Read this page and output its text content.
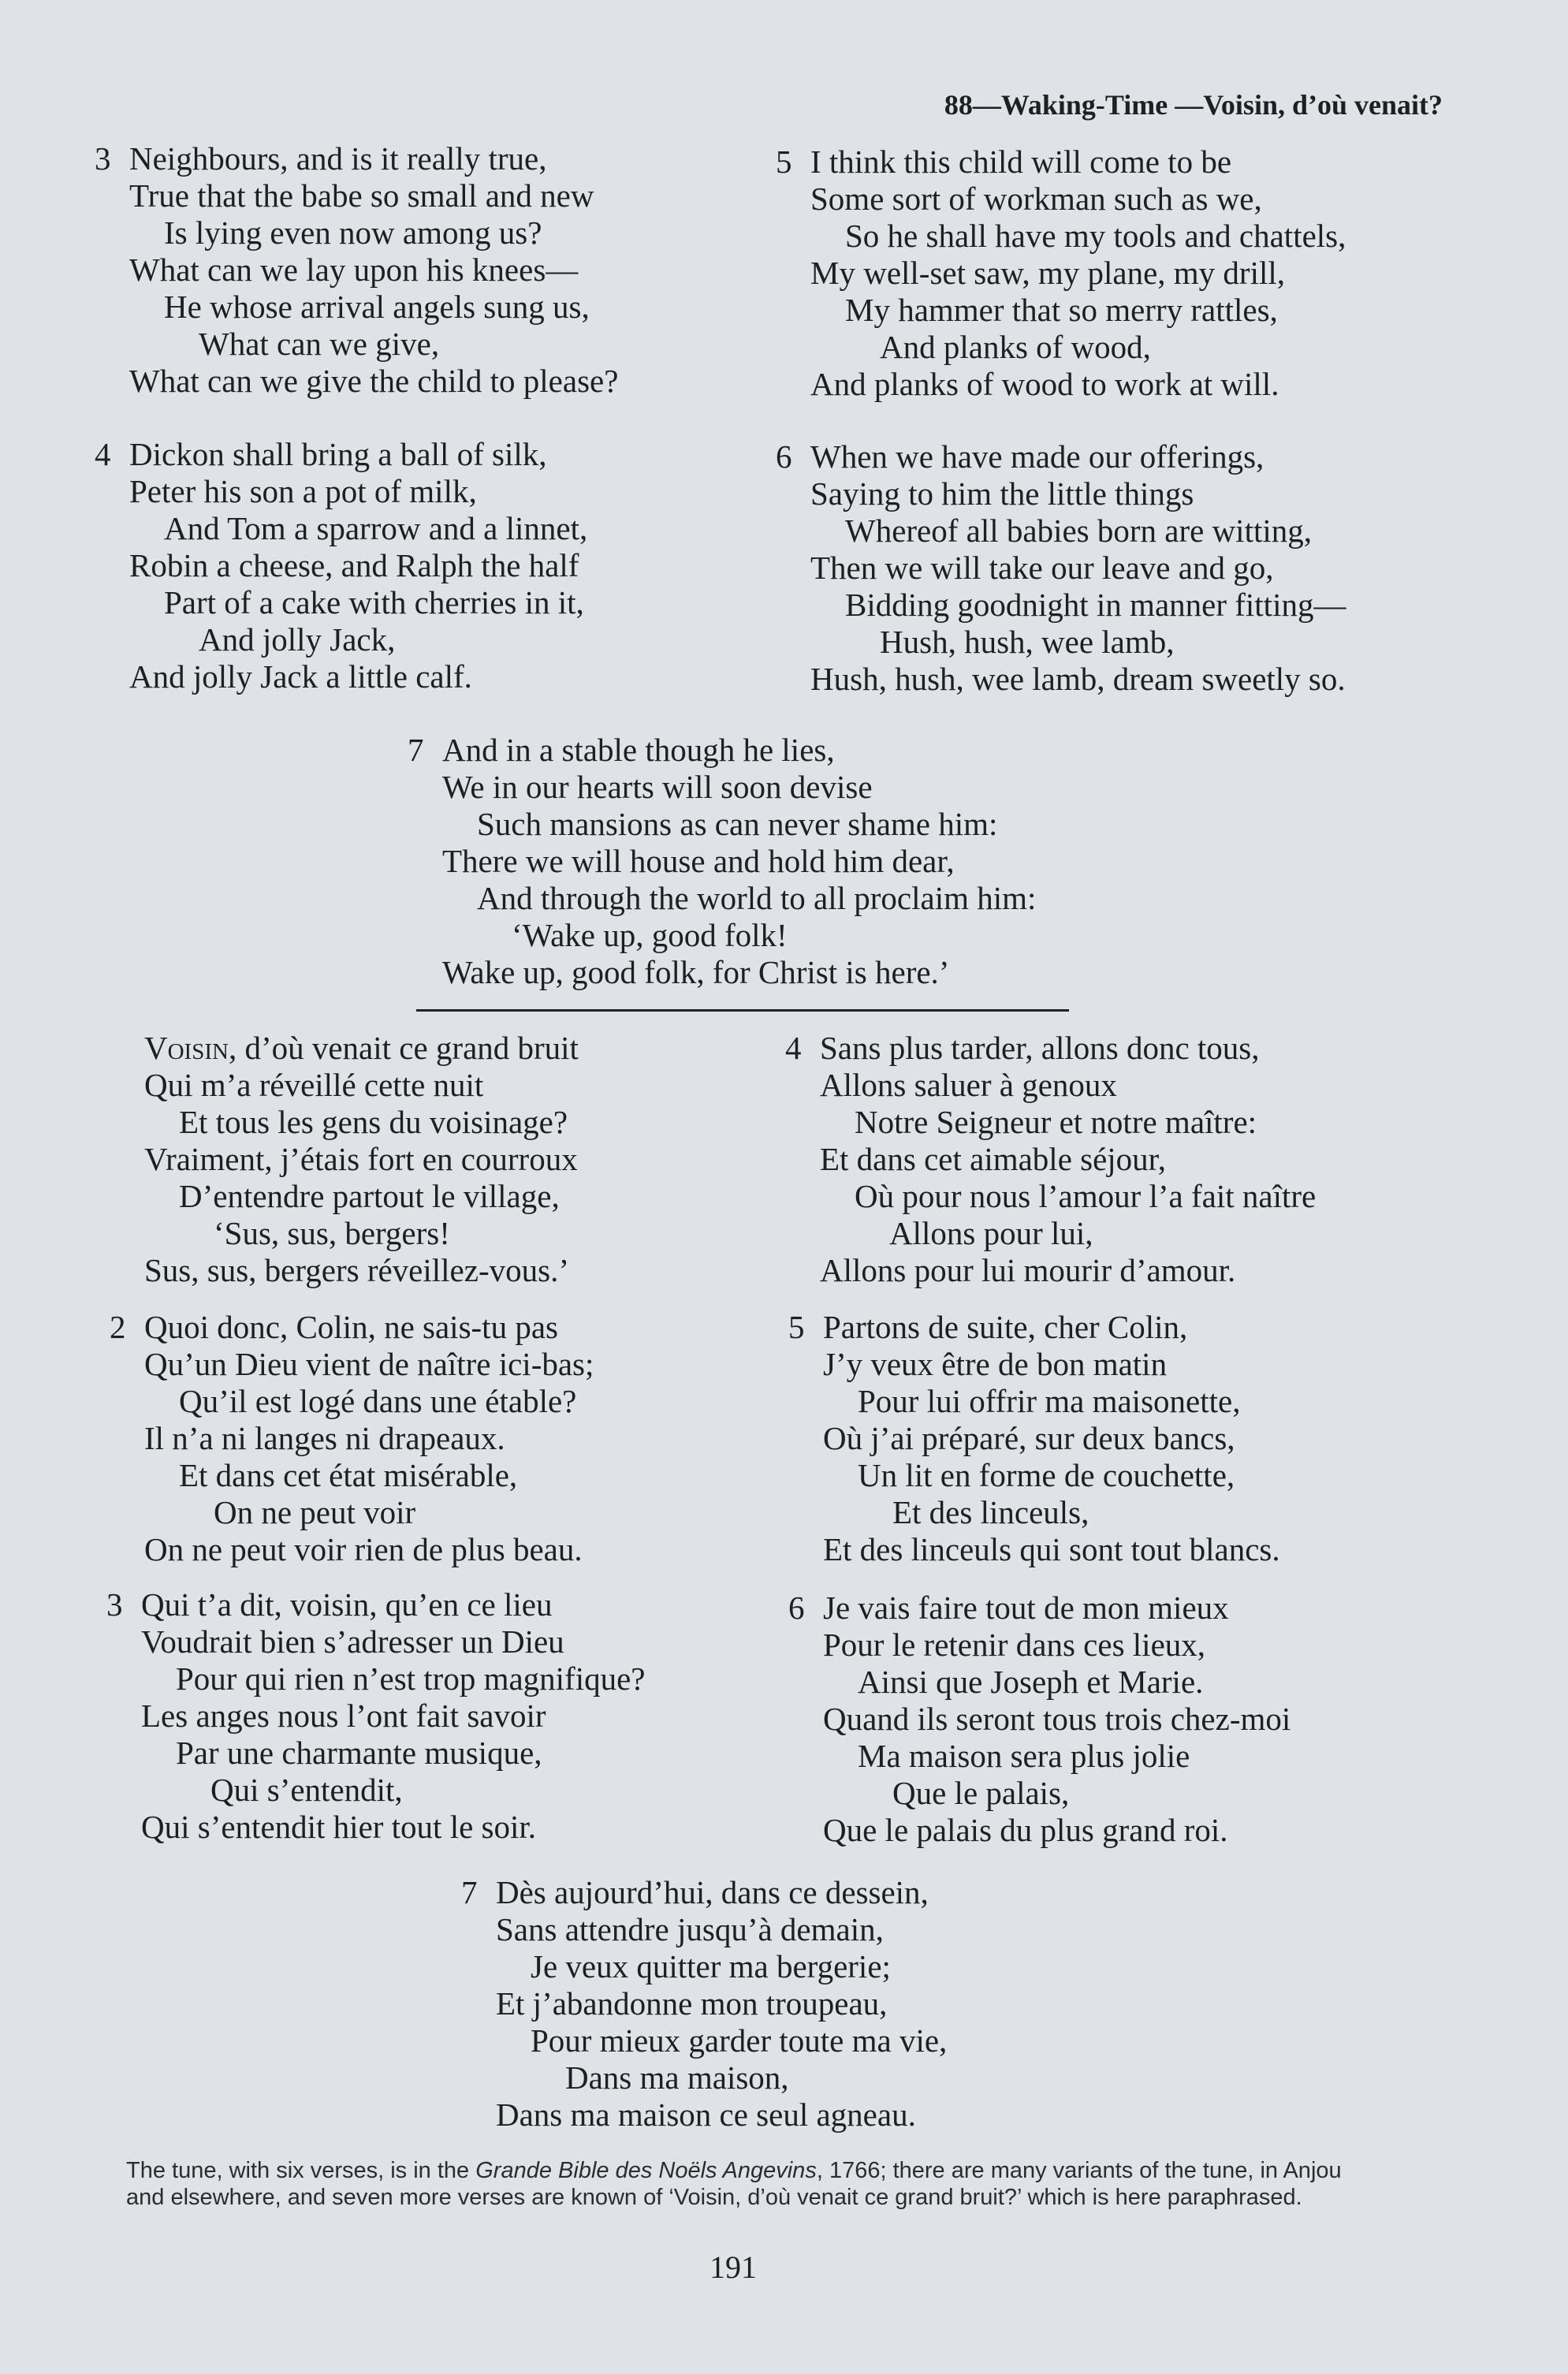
88—Waking-Time —Voisin, d’où venait?
3 Neighbours, and is it really true,
True that the babe so small and new
Is lying even now among us?
What can we lay upon his knees—
He whose arrival angels sung us,
What can we give,
What can we give the child to please?
4 Dickon shall bring a ball of silk,
Peter his son a pot of milk,
And Tom a sparrow and a linnet,
Robin a cheese, and Ralph the half
Part of a cake with cherries in it,
And jolly Jack,
And jolly Jack a little calf.
5 I think this child will come to be
Some sort of workman such as we,
So he shall have my tools and chattels,
My well-set saw, my plane, my drill,
My hammer that so merry rattles,
And planks of wood,
And planks of wood to work at will.
6 When we have made our offerings,
Saying to him the little things
Whereof all babies born are witting,
Then we will take our leave and go,
Bidding goodnight in manner fitting—
Hush, hush, wee lamb,
Hush, hush, wee lamb, dream sweetly so.
7 And in a stable though he lies,
We in our hearts will soon devise
Such mansions as can never shame him:
There we will house and hold him dear,
And through the world to all proclaim him:
‘Wake up, good folk!
Wake up, good folk, for Christ is here.’
Voisin, d’où venait ce grand bruit
Qui m’a réveillé cette nuit
Et tous les gens du voisinage?
Vraiment, j’étais fort en courroux
D’entendre partout le village,
‘Sus, sus, bergers!
Sus, sus, bergers réveillez-vous.’
2 Quoi donc, Colin, ne sais-tu pas
Qu’un Dieu vient de naître ici-bas;
Qu’il est logé dans une étable?
Il n’a ni langes ni drapeaux.
Et dans cet état misérable,
On ne peut voir
On ne peut voir rien de plus beau.
3 Qui t’a dit, voisin, qu’en ce lieu
Voudrait bien s’adresser un Dieu
Pour qui rien n’est trop magnifique?
Les anges nous l’ont fait savoir
Par une charmante musique,
Qui s’entendit,
Qui s’entendit hier tout le soir.
4 Sans plus tarder, allons donc tous,
Allons saluer à genoux
Notre Seigneur et notre maître:
Et dans cet aimable séjour,
Où pour nous l’amour l’a fait naître
Allons pour lui,
Allons pour lui mourir d’amour.
5 Partons de suite, cher Colin,
J’y veux être de bon matin
Pour lui offrir ma maisonette,
Où j’ai préparé, sur deux bancs,
Un lit en forme de couchette,
Et des linceuls,
Et des linceuls qui sont tout blancs.
6 Je vais faire tout de mon mieux
Pour le retenir dans ces lieux,
Ainsi que Joseph et Marie.
Quand ils seront tous trois chez-moi
Ma maison sera plus jolie
Que le palais,
Que le palais du plus grand roi.
7 Dès aujourd’hui, dans ce dessein,
Sans attendre jusqu’à demain,
Je veux quitter ma bergerie;
Et j’abandonne mon troupeau,
Pour mieux garder toute ma vie,
Dans ma maison,
Dans ma maison ce seul agneau.
The tune, with six verses, is in the Grande Bible des Noëls Angevins, 1766; there are many variants of the tune, in Anjou and elsewhere, and seven more verses are known of ‘Voisin, d’où venait ce grand bruit?’ which is here paraphrased.
191
